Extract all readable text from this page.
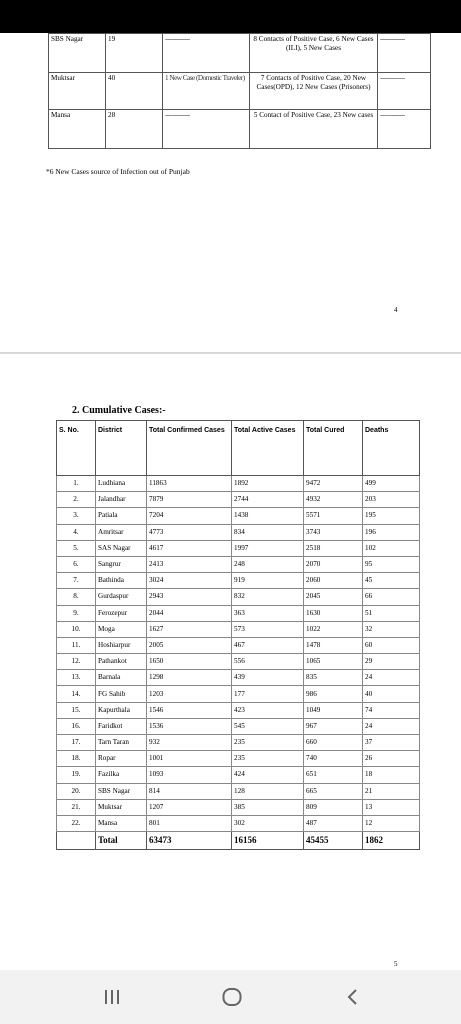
SBS Nagar	19	-------------	8 Contacts of Positive Case, 6 New Cases (ILI), 5 New Cases	-------------
Muktsar	40	1 New Case (Domestic Traveler)	7 Contacts of Positive Case, 20 New Cases(OPD), 12 New Cases (Prisoners)	-------------
Mansa	28	-------------	5 Contact of Positive Case, 23 New cases	-------------
*6 New Cases source of Infection out of Punjab
4
2. Cumulative Cases:-
S. No.	District	Total Confirmed Cases	Total Active Cases	Total Cured	Deaths
1.	Ludhiana	11863	1892	9472	499
2.	Jalandhar	7879	2744	4932	203
3.	Patiala	7204	1438	5571	195
4.	Amritsar	4773	834	3743	196
5.	SAS Nagar	4617	1997	2518	102
6.	Sangrur	2413	248	2070	95
7.	Bathinda	3024	919	2060	45
8.	Gurdaspur	2943	832	2045	66
9.	Ferozepur	2044	363	1630	51
10.	Moga	1627	573	1022	32
11.	Hoshiarpur	2005	467	1478	60
12.	Pathankot	1650	556	1065	29
13.	Barnala	1298	439	835	24
14.	FG Sahib	1203	177	986	40
15.	Kapurthala	1546	423	1049	74
16.	Faridkot	1536	545	967	24
17.	Tarn Taran	932	235	660	37
18.	Ropar	1001	235	740	26
19.	Fazilka	1093	424	651	18
20.	SBS Nagar	814	128	665	21
21.	Muktsar	1207	385	809	13
22.	Mansa	801	302	487	12
	Total	63473	16156	45455	1862
5
